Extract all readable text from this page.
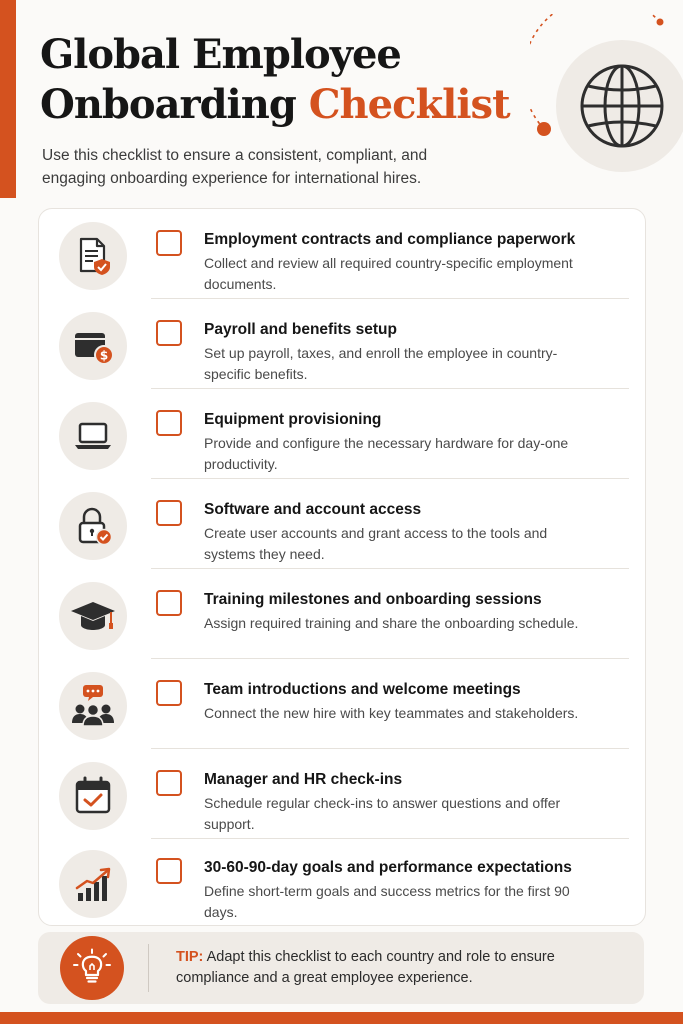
Global Employee
Onboarding Checklist

Use this checklist to ensure a consistent, compliant, and engaging onboarding experience for international hires.

Employment contracts and compliance paperwork
Collect and review all required country-specific employment documents.
$
Payroll and benefits setup
Set up payroll, taxes, and enroll the employee in country-specific benefits.
Equipment provisioning
Provide and configure the necessary hardware for day-one productivity.
Software and account access
Create user accounts and grant access to the tools and systems they need.
Training milestones and onboarding sessions
Assign required training and share the onboarding schedule.
Team introductions and welcome meetings
Connect the new hire with key teammates and stakeholders.
Manager and HR check-ins
Schedule regular check-ins to answer questions and offer support.
30-60-90-day goals and performance expectations
Define short-term goals and success metrics for the first 90 days.
TIP: Adapt this checklist to each country and role to ensure compliance and a great employee experience.
